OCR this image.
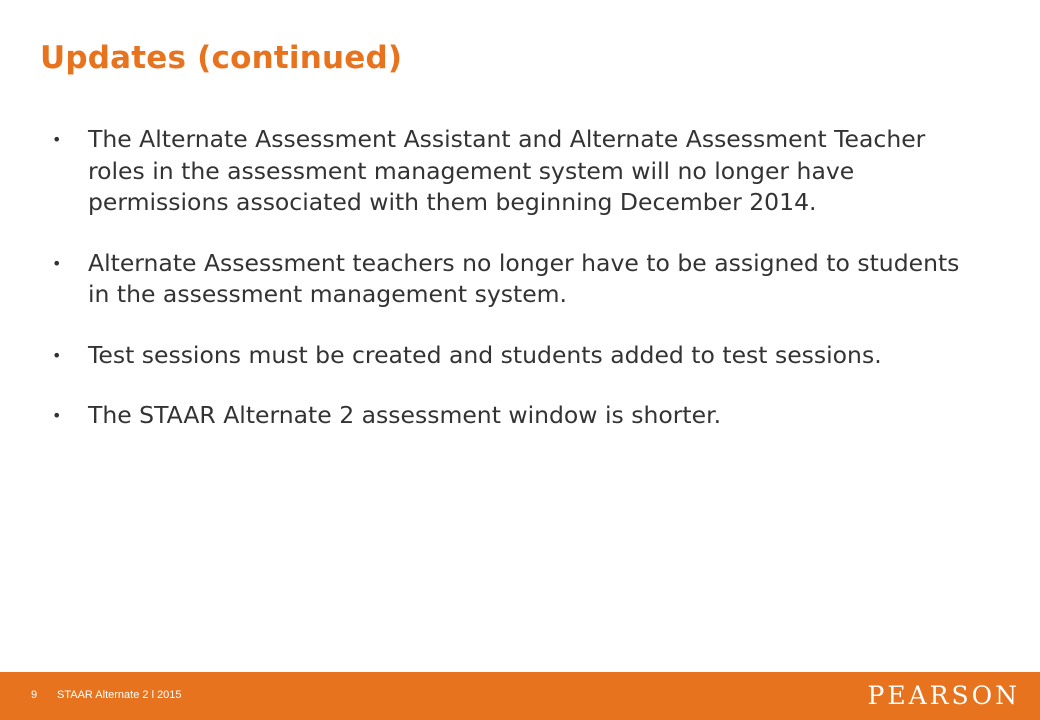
Updates (continued)
• The Alternate Assessment Assistant and Alternate Assessment Teacher roles in the assessment management system will no longer have permissions associated with them beginning December 2014.
• Alternate Assessment teachers no longer have to be assigned to students in the assessment management system.
• Test sessions must be created and students added to test sessions.
• The STAAR Alternate 2 assessment window is shorter.
9 STAAR Alternate 2 l 2015	PEARSON
